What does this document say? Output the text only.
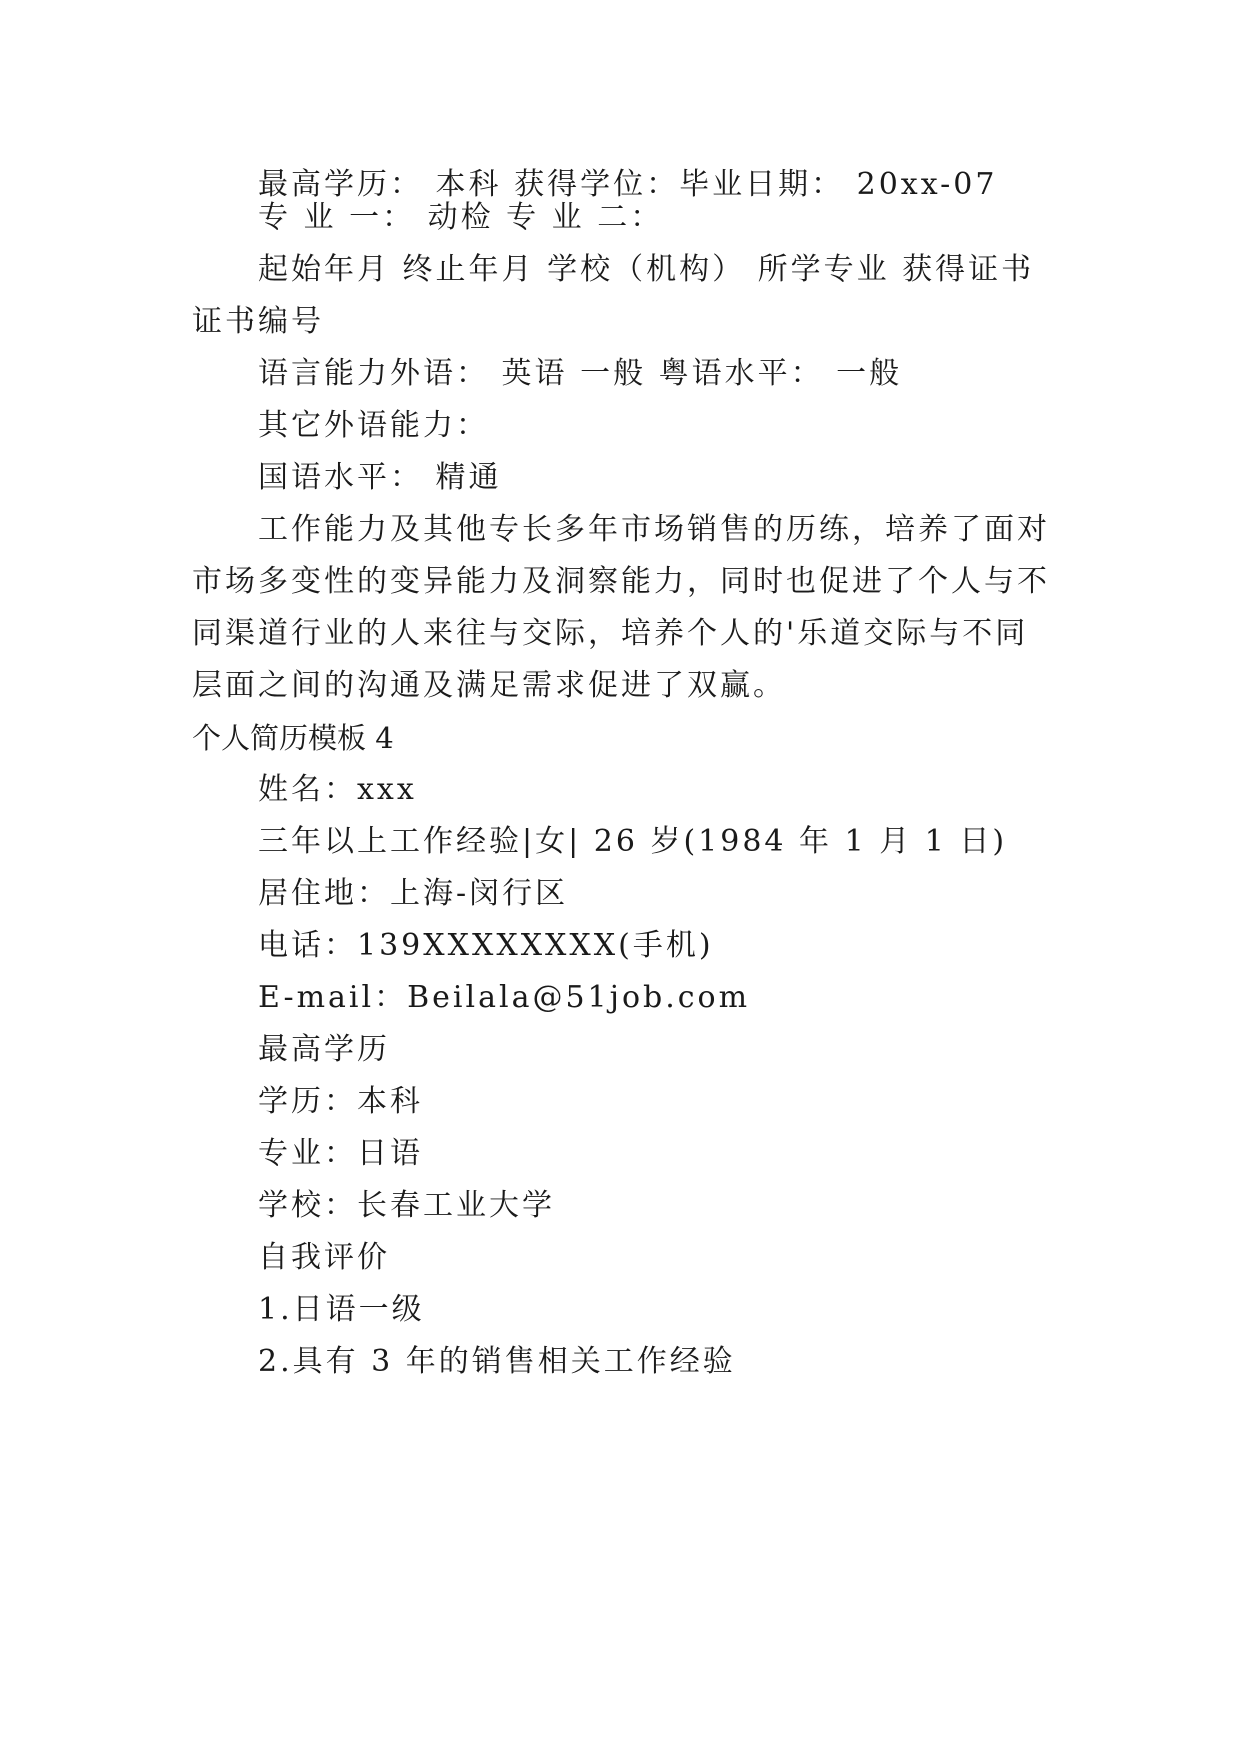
最高学历： 本科 获得学位：毕业日期： 20xx-07
专 业 一： 动检 专 业 二：
起始年月 终止年月 学校（机构） 所学专业 获得证书
证书编号
语言能力外语： 英语 一般 粤语水平： 一般
其它外语能力：
国语水平： 精通
工作能力及其他专长多年市场销售的历练，培养了面对
市场多变性的变异能力及洞察能力，同时也促进了个人与不
同渠道行业的人来往与交际，培养个人的'乐道交际与不同
层面之间的沟通及满足需求促进了双赢。
个人简历模板 4
姓名：xxx
三年以上工作经验|女| 26 岁(1984 年 1 月 1 日)
居住地：上海-闵行区
电话：139XXXXXXXX(手机)
E-mail：Beilala@51job.com
最高学历
学历：本科
专业：日语
学校：长春工业大学
自我评价
1.日语一级
2.具有 3 年的销售相关工作经验
